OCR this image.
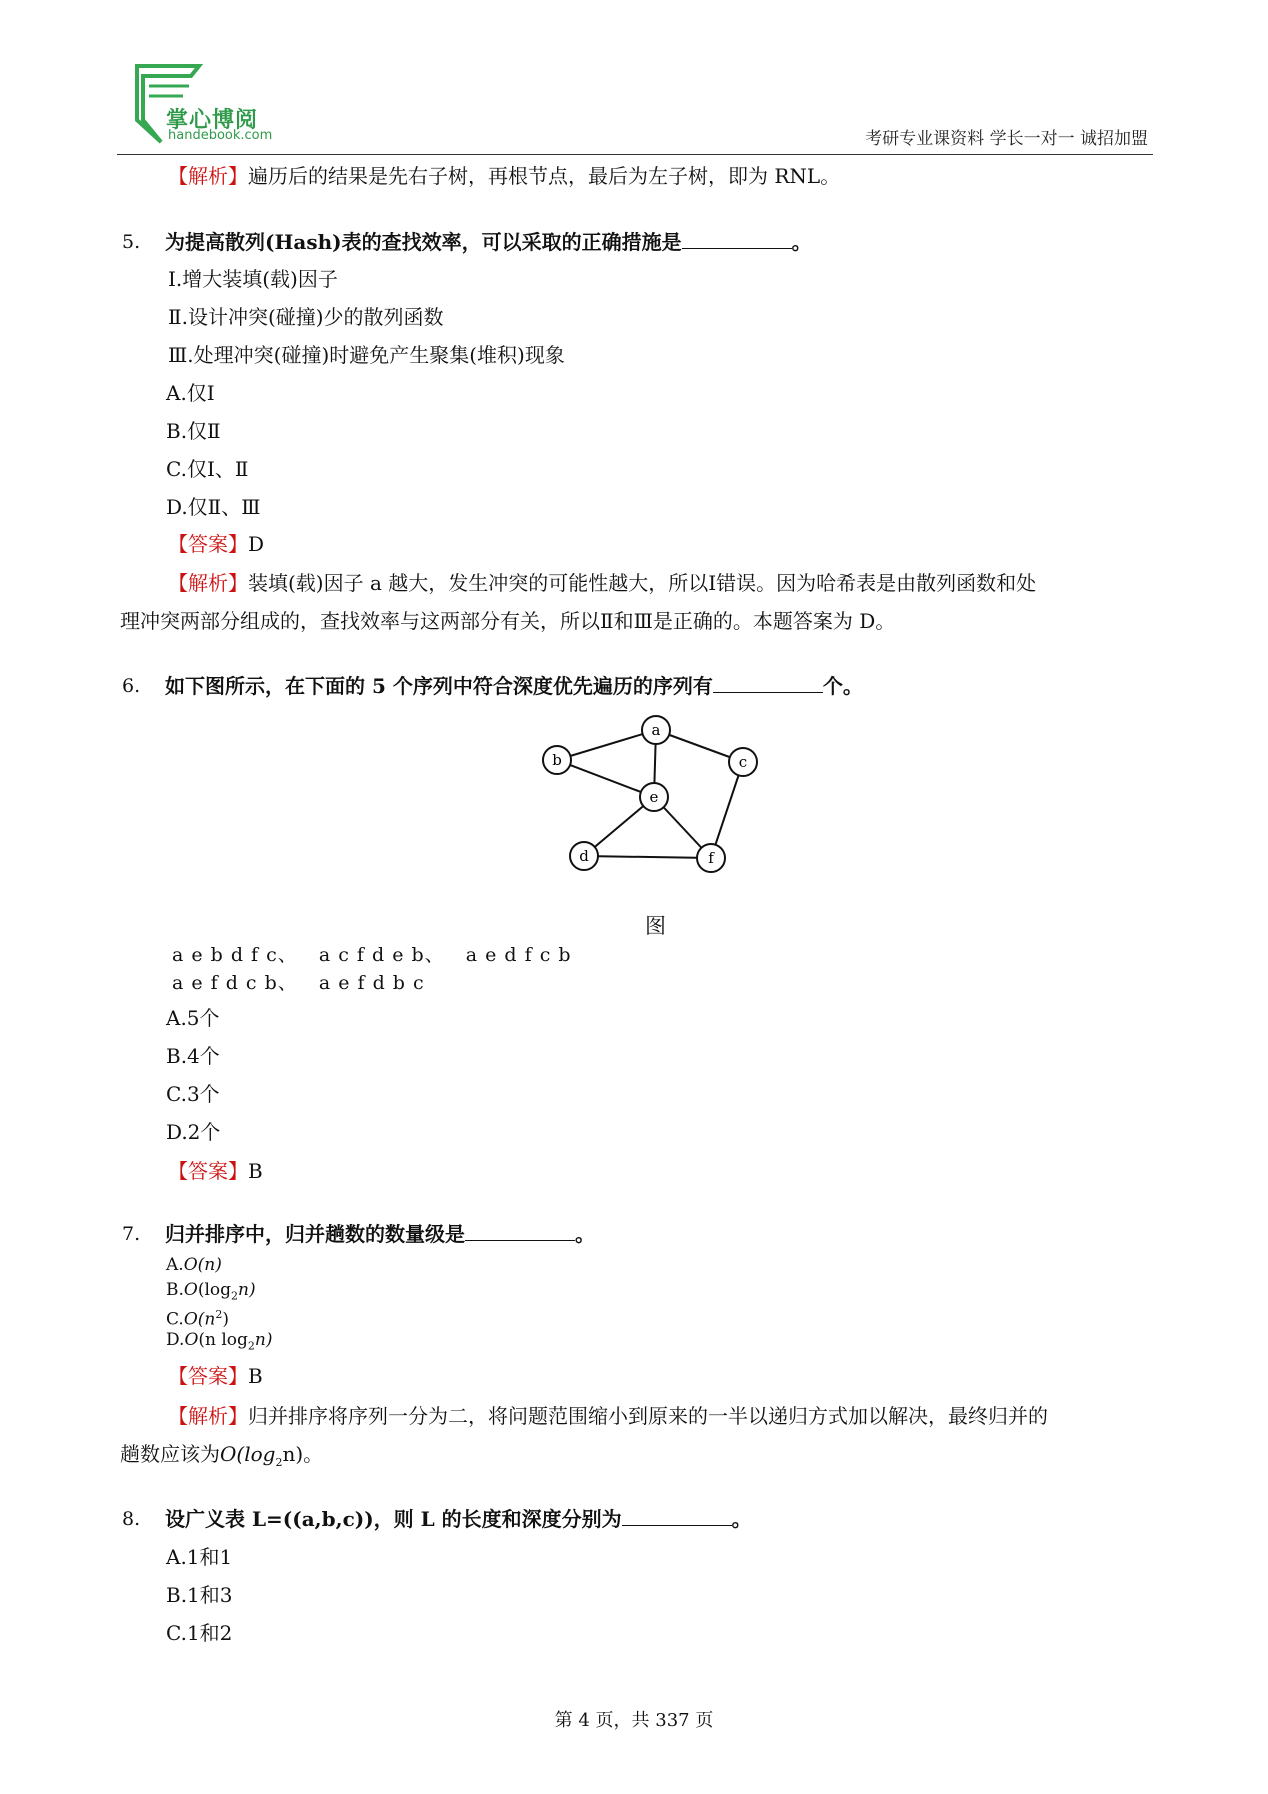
掌心博阅
handebook.com	考研专业课资料 学长一对一 诚招加盟
【解析】遍历后的结果是先右子树，再根节点，最后为左子树，即为 RNL。
5. 为提高散列(Hash)表的查找效率，可以采取的正确措施是	。
Ⅰ.增大装填(载)因子
Ⅱ.设计冲突(碰撞)少的散列函数
Ⅲ.处理冲突(碰撞)时避免产生聚集(堆积)现象
A.仅Ⅰ
B.仅Ⅱ
C.仅Ⅰ、Ⅱ
D.仅Ⅱ、Ⅲ
【答案】D
【解析】装填(载)因子 a 越大，发生冲突的可能性越大，所以Ⅰ错误。因为哈希表是由散列函数和处
理冲突两部分组成的，查找效率与这两部分有关，所以Ⅱ和Ⅲ是正确的。本题答案为 D。
6. 如下图所示，在下面的 5 个序列中符合深度优先遍历的序列有	个。
a
b	c
e
d	f
图
a e b d f c、   a c f d e b、   a e d f c b
a e f d c b、   a e f d b c
A.5个
B.4个
C.3个
D.2个
【答案】B
7. 归并排序中，归并趟数的数量级是	。
A.O(n)
$B.O(\log_2n)$
$C.O(n^2)$
D.O(n $\log_2n$)
【答案】B
【解析】归并排序将序列一分为二，将问题范围缩小到原来的一半以递归方式加以解决，最终归并的
趟数应该为$O(\log_2n)$。
8. 设广义表 L=((a,b,c))，则 L 的长度和深度分别为	。
A.1和1
B.1和3
C.1和2
第 4 页，共 337 页
